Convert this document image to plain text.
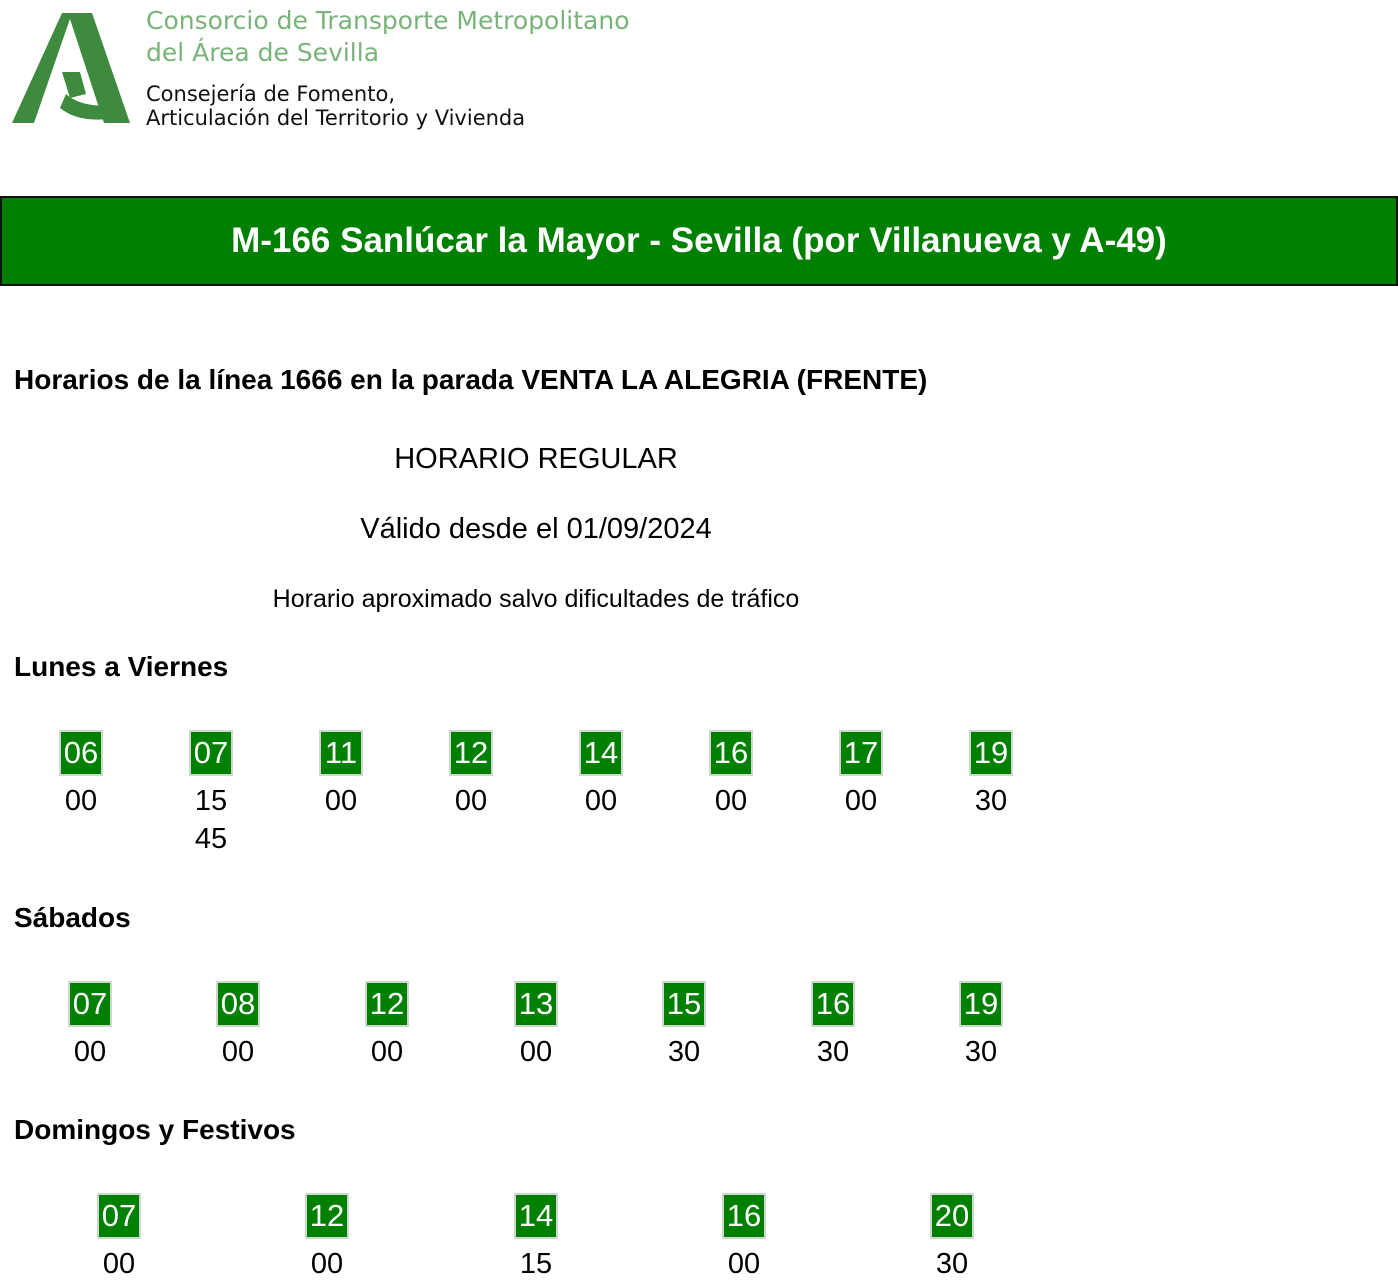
Consorcio de Transporte Metropolitano
del Área de Sevilla
Consejería de Fomento,
Articulación del Territorio y Vivienda
M-166 Sanlúcar la Mayor - Sevilla (por Villanueva y A-49)
Horarios de la línea 1666 en la parada VENTA LA ALEGRIA (FRENTE)
HORARIO REGULAR
Válido desde el 01/09/2024
Horario aproximado salvo dificultades de tráfico
Lunes a Viernes
06
00
07
15
45
11
00
12
00
14
00
16
00
17
00
19
30
Sábados
07
00
08
00
12
00
13
00
15
30
16
30
19
30
Domingos y Festivos
07
00
12
00
14
15
16
00
20
30
